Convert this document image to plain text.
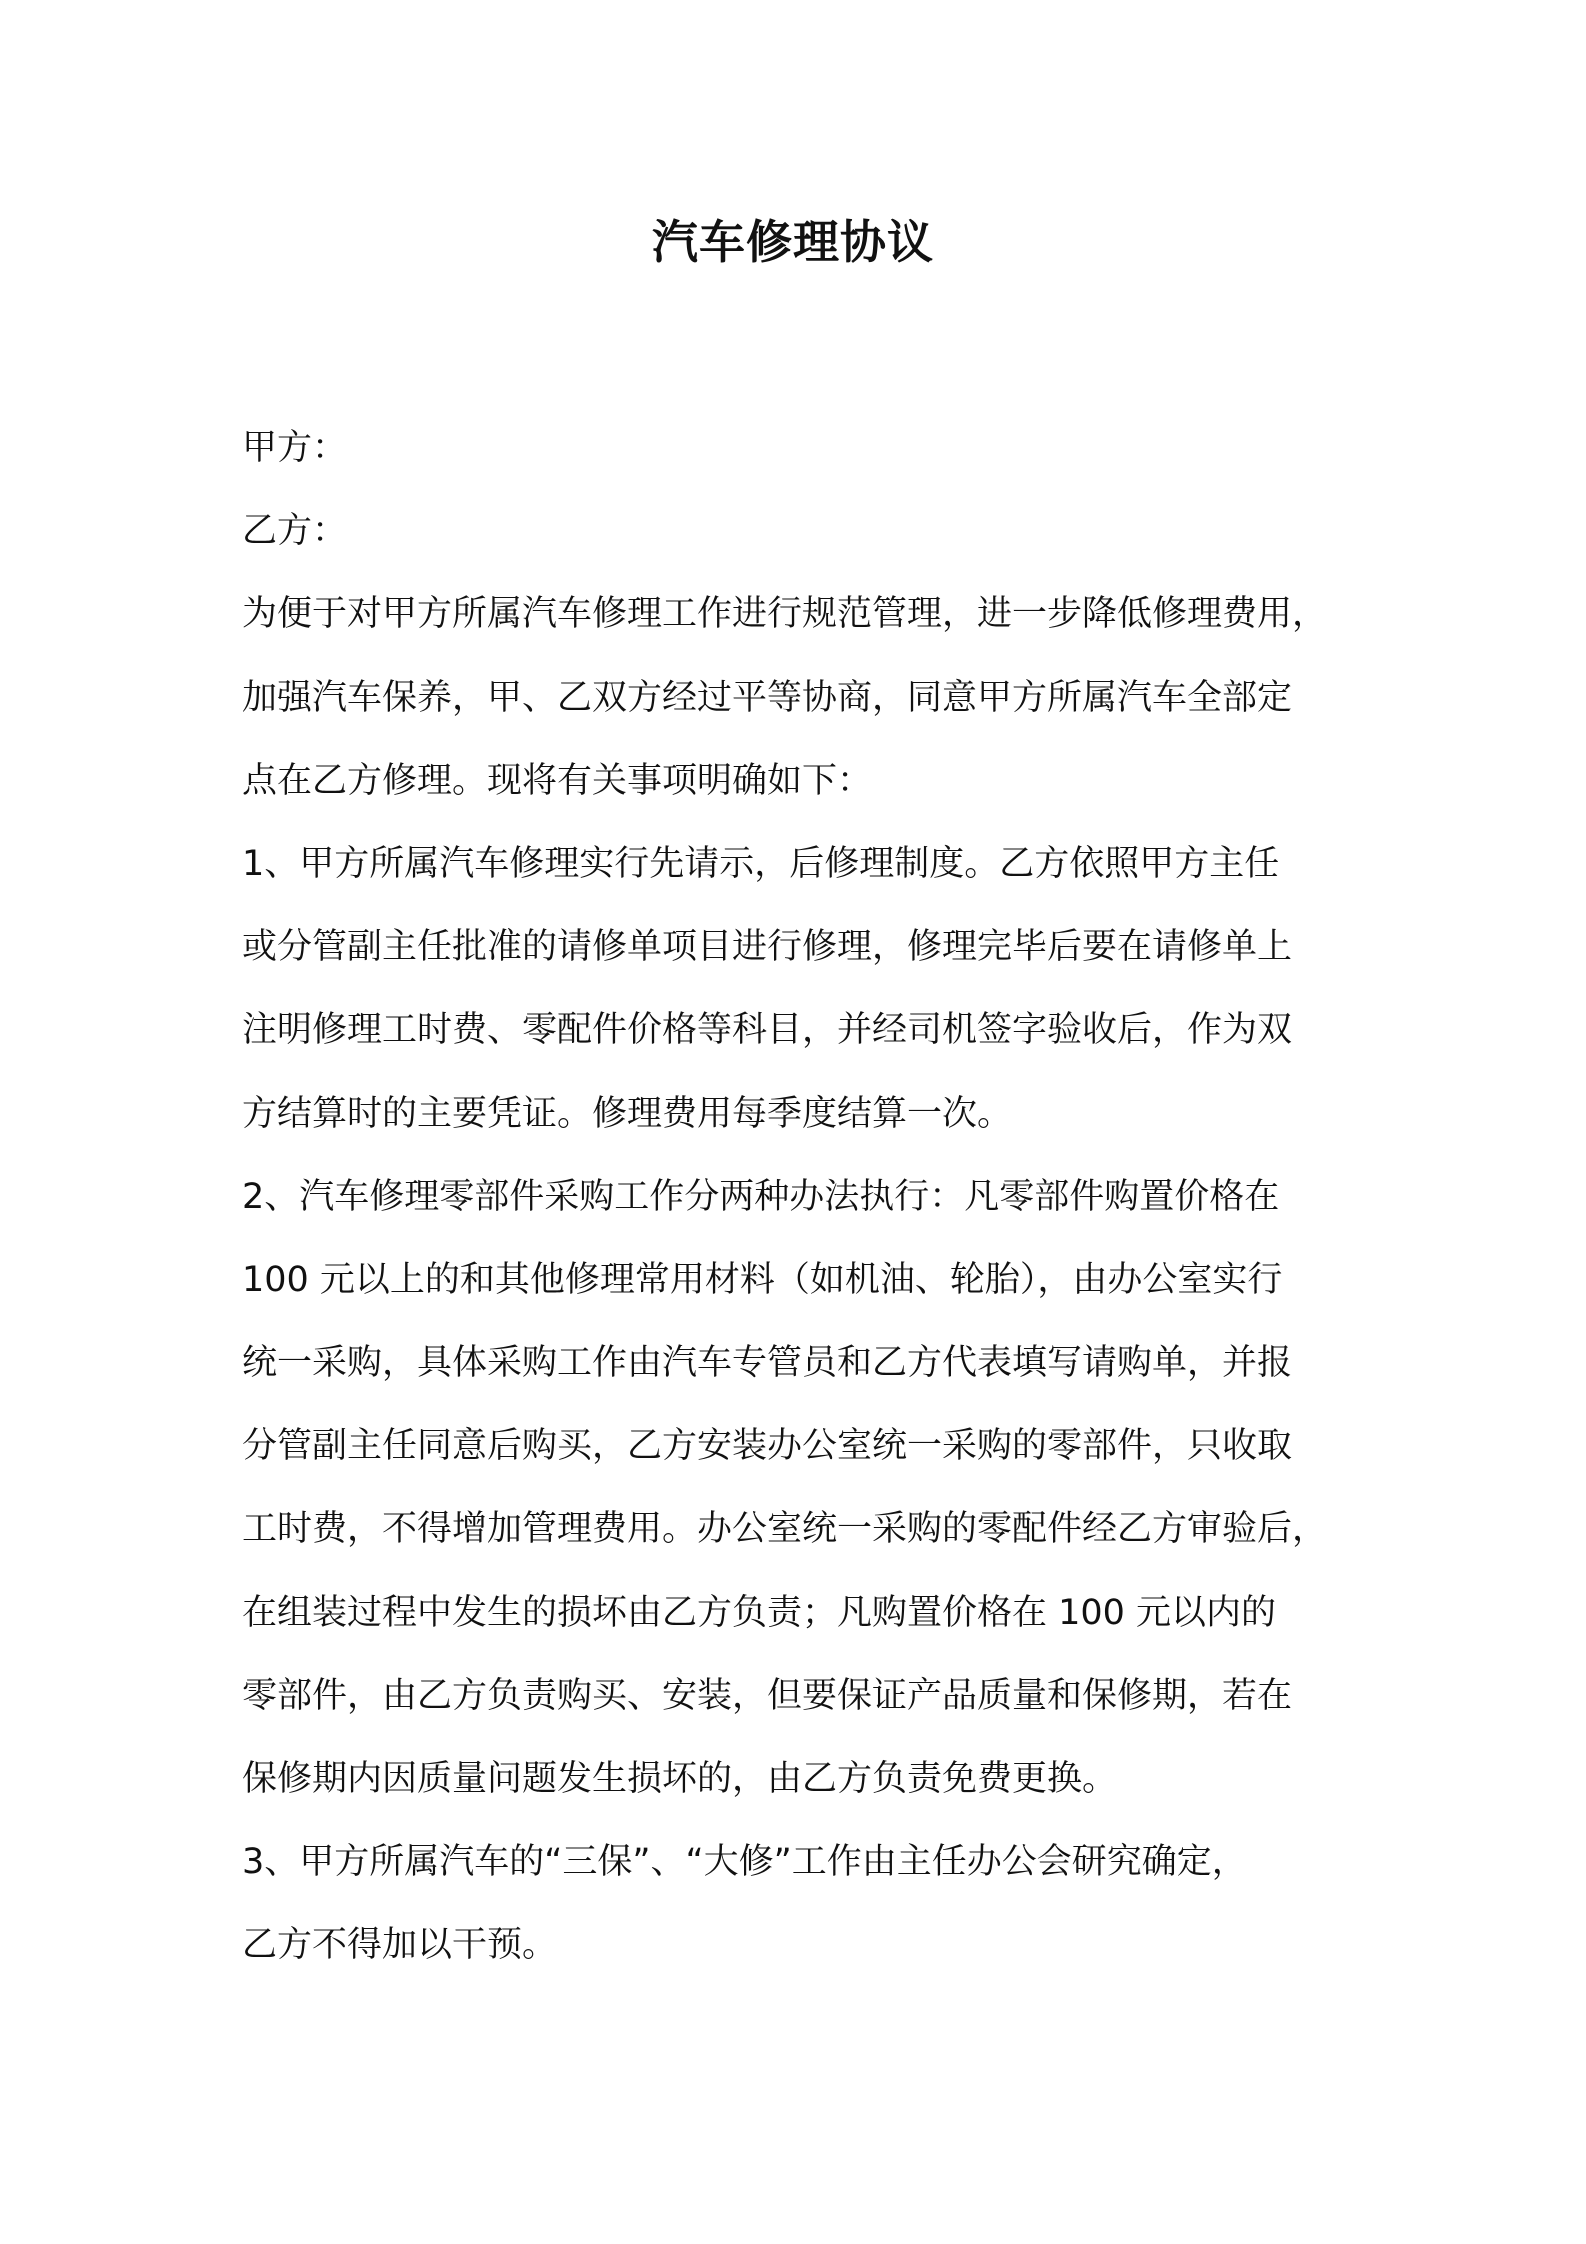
汽车修理协议
甲方：
乙方：
为便于对甲方所属汽车修理工作进行规范管理，进一步降低修理费用，
加强汽车保养，甲、乙双方经过平等协商，同意甲方所属汽车全部定
点在乙方修理。现将有关事项明确如下：
1、甲方所属汽车修理实行先请示，后修理制度。乙方依照甲方主任
或分管副主任批准的请修单项目进行修理，修理完毕后要在请修单上
注明修理工时费、零配件价格等科目，并经司机签字验收后，作为双
方结算时的主要凭证。修理费用每季度结算一次。
2、汽车修理零部件采购工作分两种办法执行：凡零部件购置价格在
100 元以上的和其他修理常用材料（如机油、轮胎），由办公室实行
统一采购，具体采购工作由汽车专管员和乙方代表填写请购单，并报
分管副主任同意后购买，乙方安装办公室统一采购的零部件，只收取
工时费，不得增加管理费用。办公室统一采购的零配件经乙方审验后，
在组装过程中发生的损坏由乙方负责；凡购置价格在 100 元以内的
零部件，由乙方负责购买、安装，但要保证产品质量和保修期，若在
保修期内因质量问题发生损坏的，由乙方负责免费更换。
3、甲方所属汽车的“三保”、“大修”工作由主任办公会研究确定，
乙方不得加以干预。
